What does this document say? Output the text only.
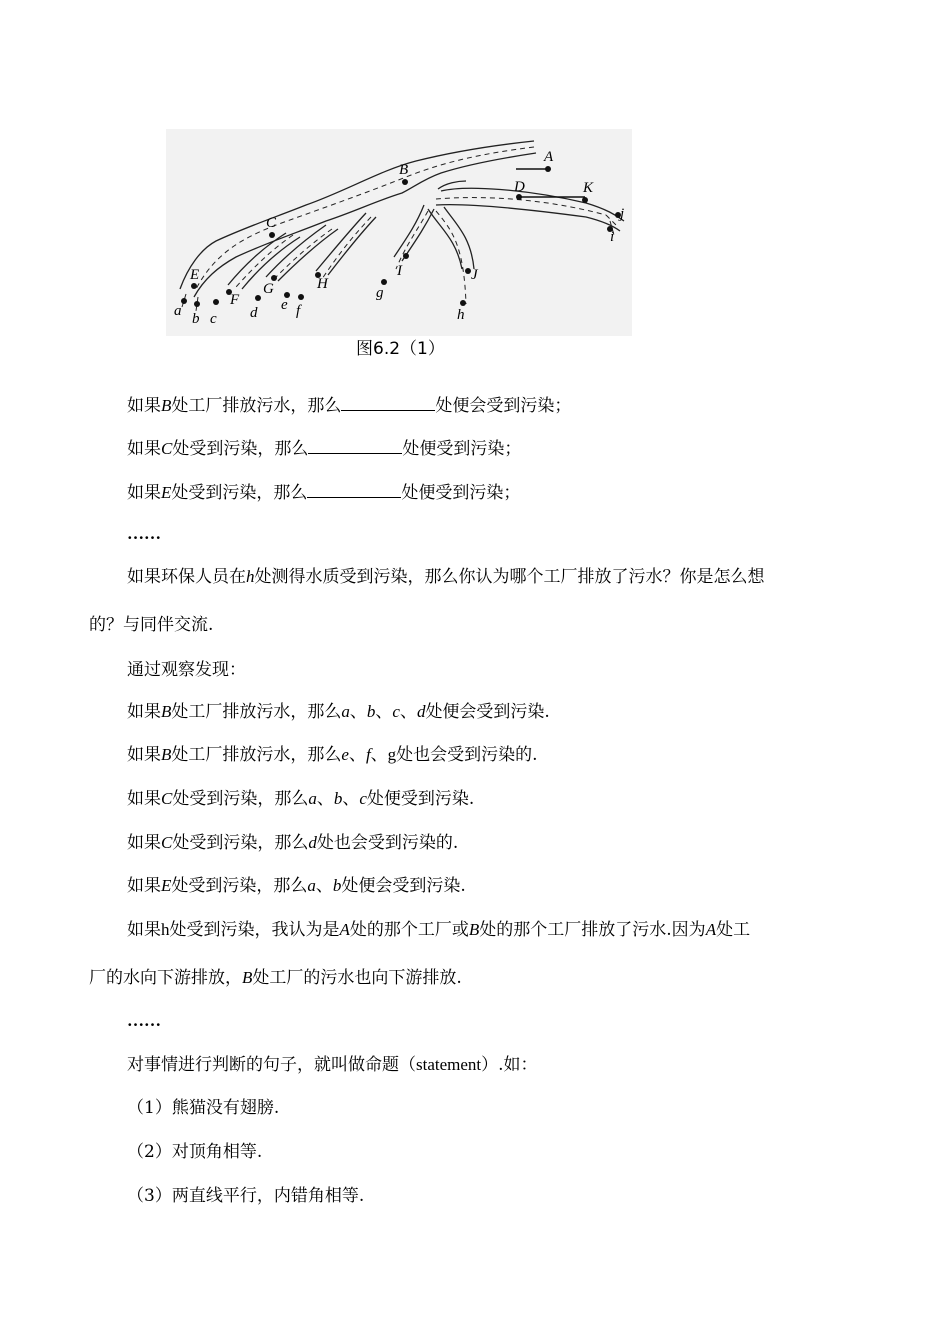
A
B
D	K
j
i
C
E
a b c
F
d
G
e f
H
g
I	J
h
图6.2（1）
如果B处工厂排放污水，那么	处便会受到污染；
如果C处受到污染，那么	处便受到污染；
如果E处受到污染，那么	处便受到污染；
……
如果环保人员在h处测得水质受到污染，那么你认为哪个工厂排放了污水？你是怎么想
的？与同伴交流.
通过观察发现：
如果B处工厂排放污水，那么a、b、c、d处便会受到污染.
如果B处工厂排放污水，那么e、f、g处也会受到污染的.
如果C处受到污染，那么a、b、c处便受到污染.
如果C处受到污染，那么d处也会受到污染的.
如果E处受到污染，那么a、b处便会受到污染.
如果h处受到污染，我认为是A处的那个工厂或B处的那个工厂排放了污水.因为A处工
厂的水向下游排放，B处工厂的污水也向下游排放.
……
对事情进行判断的句子，就叫做命题（statement）.如：
（1）熊猫没有翅膀.
（2）对顶角相等.
（3）两直线平行，内错角相等.
